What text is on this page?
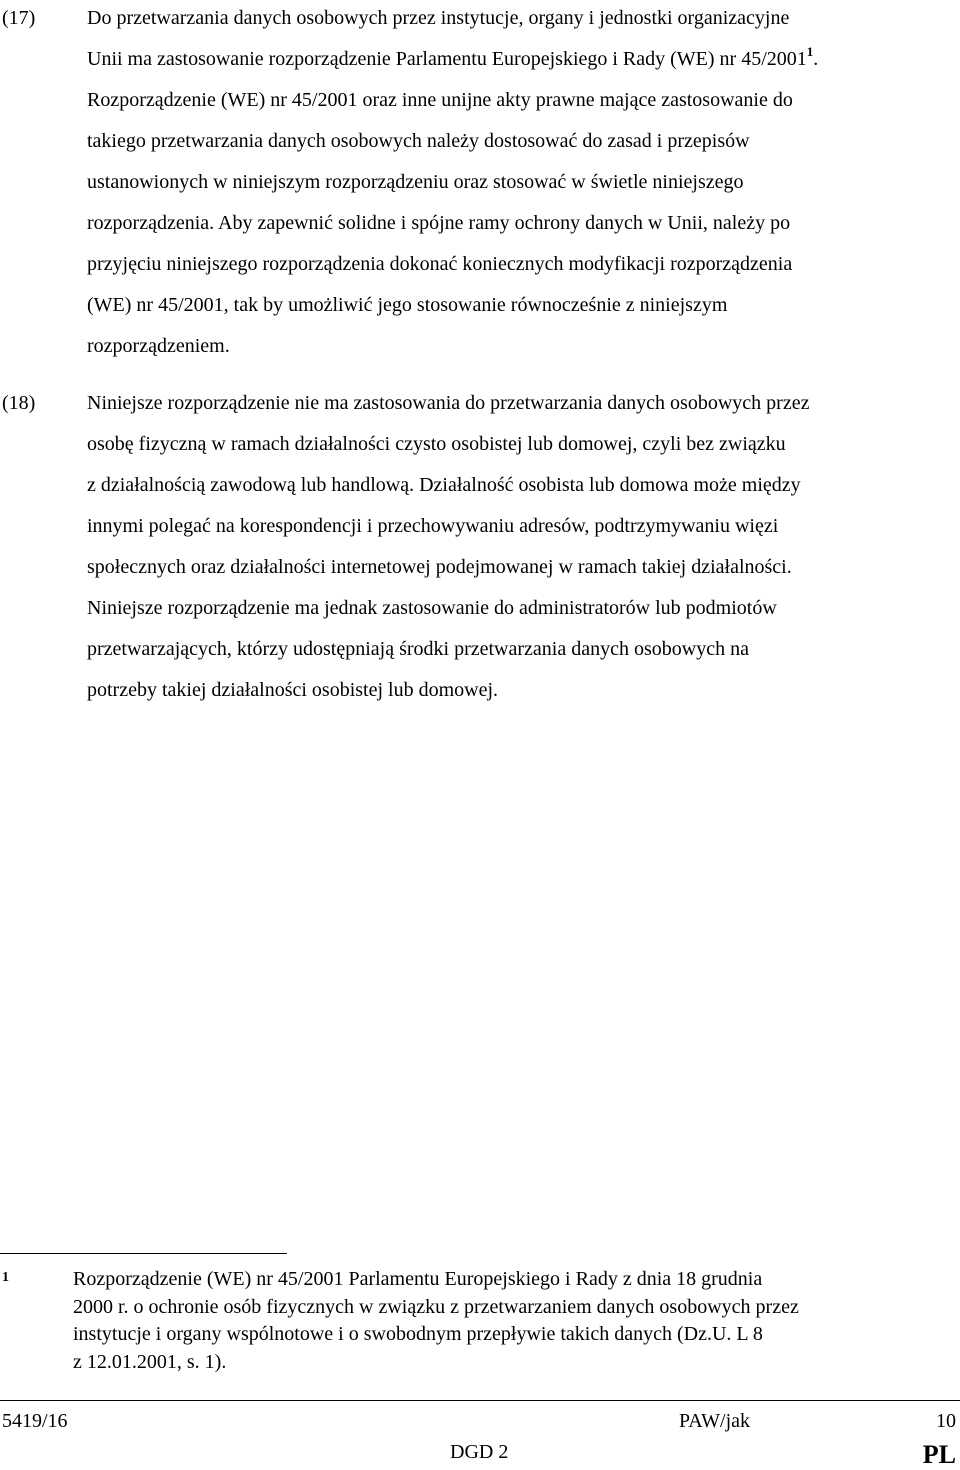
(17)	Do przetwarzania danych osobowych przez instytucje, organy i jednostki organizacyjne
Unii ma zastosowanie rozporządzenie Parlamentu Europejskiego i Rady (WE) nr 45/2001$^1$.
Rozporządzenie (WE) nr 45/2001 oraz inne unijne akty prawne mające zastosowanie do
takiego przetwarzania danych osobowych należy dostosować do zasad i przepisów
ustanowionych w niniejszym rozporządzeniu oraz stosować w świetle niniejszego
rozporządzenia. Aby zapewnić solidne i spójne ramy ochrony danych w Unii, należy po
przyjęciu niniejszego rozporządzenia dokonać koniecznych modyfikacji rozporządzenia
(WE) nr 45/2001, tak by umożliwić jego stosowanie równocześnie z niniejszym
rozporządzeniem.
(18)	Niniejsze rozporządzenie nie ma zastosowania do przetwarzania danych osobowych przez
osobę fizyczną w ramach działalności czysto osobistej lub domowej, czyli bez związku
z działalnością zawodową lub handlową. Działalność osobista lub domowa może między
innymi polegać na korespondencji i przechowywaniu adresów, podtrzymywaniu więzi
społecznych oraz działalności internetowej podejmowanej w ramach takiej działalności.
Niniejsze rozporządzenie ma jednak zastosowanie do administratorów lub podmiotów
przetwarzających, którzy udostępniają środki przetwarzania danych osobowych na
potrzeby takiej działalności osobistej lub domowej.
1	Rozporządzenie (WE) nr 45/2001 Parlamentu Europejskiego i Rady z dnia 18 grudnia
2000 r. o ochronie osób fizycznych w związku z przetwarzaniem danych osobowych przez
instytucje i organy wspólnotowe i o swobodnym przepływie takich danych (Dz.U. L 8
z 12.01.2001, s. 1).
5419/16	PAW/jak	10
DGD 2	PL
